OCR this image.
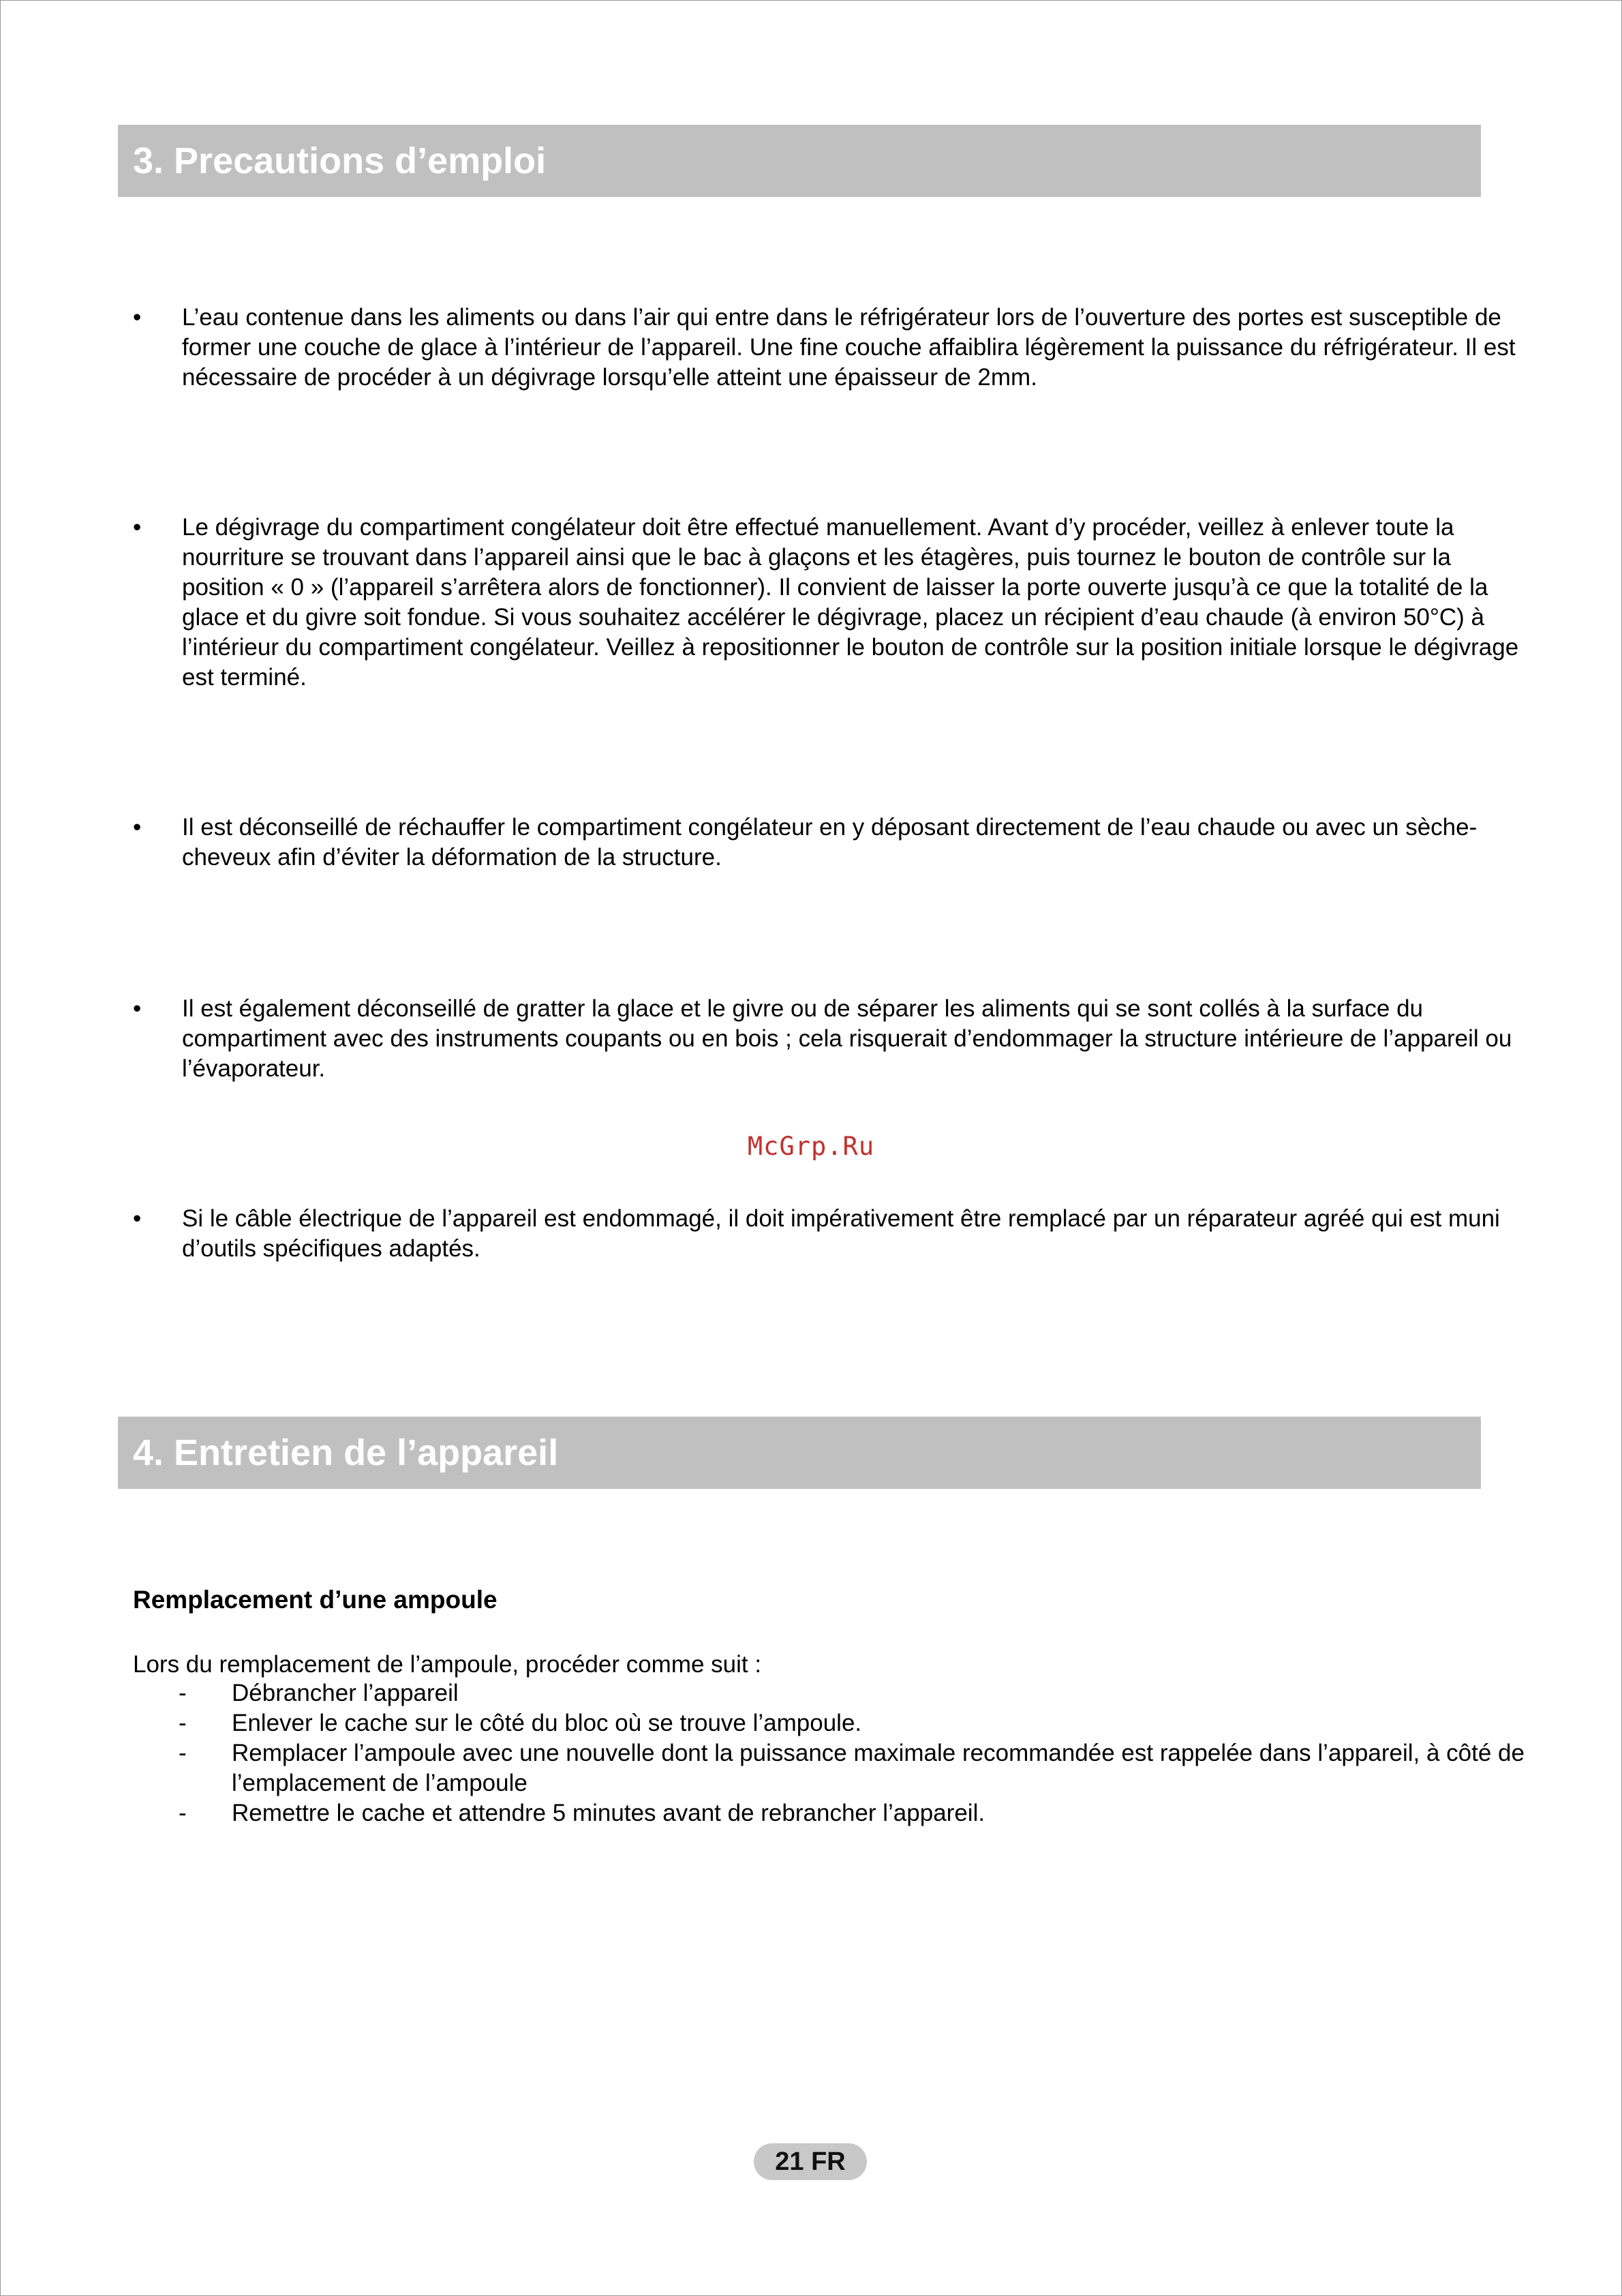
3. Precautions d’emploi
• L’eau contenue dans les aliments ou dans l’air qui entre dans le réfrigérateur lors de l’ouverture des portes est susceptible de former une couche de glace à l’intérieur de l’appareil. Une fine couche affaiblira légèrement la puissance du réfrigérateur. Il est nécessaire de procéder à un dégivrage lorsqu’elle atteint une épaisseur de 2mm.
• Le dégivrage du compartiment congélateur doit être effectué manuellement. Avant d’y procéder, veillez à enlever toute la nourriture se trouvant dans l’appareil ainsi que le bac à glaçons et les étagères, puis tournez le bouton de contrôle sur la position « 0 » (l’appareil s’arrêtera alors de fonctionner). Il convient de laisser la porte ouverte jusqu’à ce que la totalité de la glace et du givre soit fondue. Si vous souhaitez accélérer le dégivrage, placez un récipient d’eau chaude (à environ 50°C) à l’intérieur du compartiment congélateur. Veillez à repositionner le bouton de contrôle sur la position initiale lorsque le dégivrage est terminé.
• Il est déconseillé de réchauffer le compartiment congélateur en y déposant directement de l’eau chaude ou avec un sèche-cheveux afin d’éviter la déformation de la structure.
• Il est également déconseillé de gratter la glace et le givre ou de séparer les aliments qui se sont collés à la surface du compartiment avec des instruments coupants ou en bois ; cela risquerait d’endommager la structure intérieure de l’appareil ou l’évaporateur.
McGrp.Ru
• Si le câble électrique de l’appareil est endommagé, il doit impérativement être remplacé par un réparateur agréé qui est muni d’outils spécifiques adaptés.
4. Entretien de l’appareil
Remplacement d’une ampoule
Lors du remplacement de l’ampoule, procéder comme suit :
- Débrancher l’appareil
- Enlever le cache sur le côté du bloc où se trouve l’ampoule.
- Remplacer l’ampoule avec une nouvelle dont la puissance maximale recommandée est rappelée dans l’appareil, à côté de l’emplacement de l’ampoule
- Remettre le cache et attendre 5 minutes avant de rebrancher l’appareil.
21 FR
